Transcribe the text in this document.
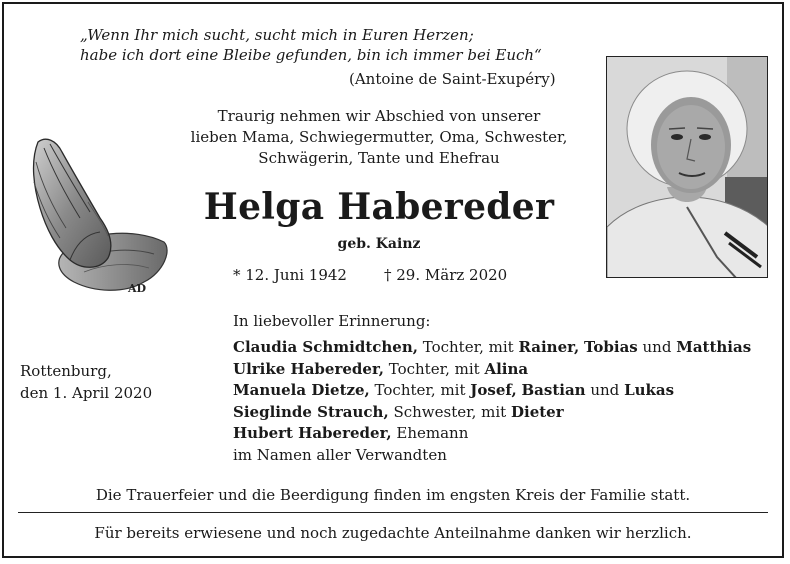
„Wenn Ihr mich sucht, sucht mich in Euren Herzen;
habe ich dort eine Bleibe gefunden, bin ich immer bei Euch“
(Antoine de Saint-Exupéry)
Traurig nehmen wir Abschied von unserer
lieben Mama, Schwiegermutter, Oma, Schwester,
Schwägerin, Tante und Ehefrau
Helga Habereder
geb. Kainz
* 12. Juni 1942 † 29. März 2020
AD
Rottenburg,
den 1. April 2020
In liebevoller Erinnerung:
Claudia Schmidtchen, Tochter, mit Rainer, Tobias und Matthias
Ulrike Habereder, Tochter, mit Alina
Manuela Dietze, Tochter, mit Josef, Bastian und Lukas
Sieglinde Strauch, Schwester, mit Dieter
Hubert Habereder, Ehemann
im Namen aller Verwandten
Die Trauerfeier und die Beerdigung finden im engsten Kreis der Familie statt.
Für bereits erwiesene und noch zugedachte Anteilnahme danken wir herzlich.
